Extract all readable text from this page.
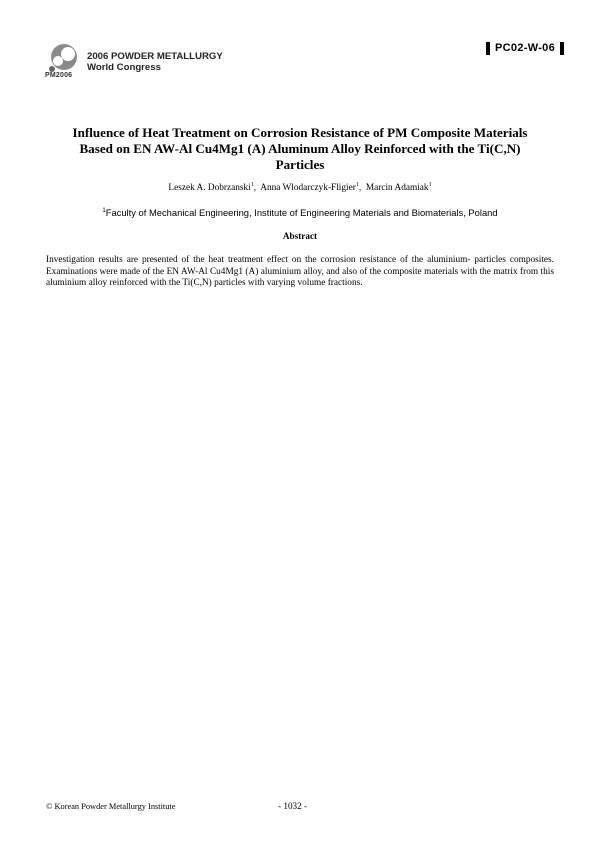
PM2006
2006 POWDER METALLURGY
World Congress
PC02-W-06
Influence of Heat Treatment on Corrosion Resistance of PM Composite Materials
Based on EN AW-Al Cu4Mg1 (A) Aluminum Alloy Reinforced with the Ti(C,N)
Particles
Leszek A. Dobrzanski$^1$,  Anna Wlodarczyk-Fligier$^1$,  Marcin Adamiak$^1$
$^1$Faculty of Mechanical Engineering, Institute of Engineering Materials and Biomaterials, Poland
Abstract

Investigation results are presented of the heat treatment effect on the corrosion resistance of the aluminium- particles composites. Examinations were made of the EN AW-Al Cu4Mg1 (A) aluminium alloy, and also of the composite materials with the matrix from this aluminium alloy reinforced with the Ti(C,N) particles with varying volume fractions.

© Korean Powder Metallurgy Institute	- 1032 -
